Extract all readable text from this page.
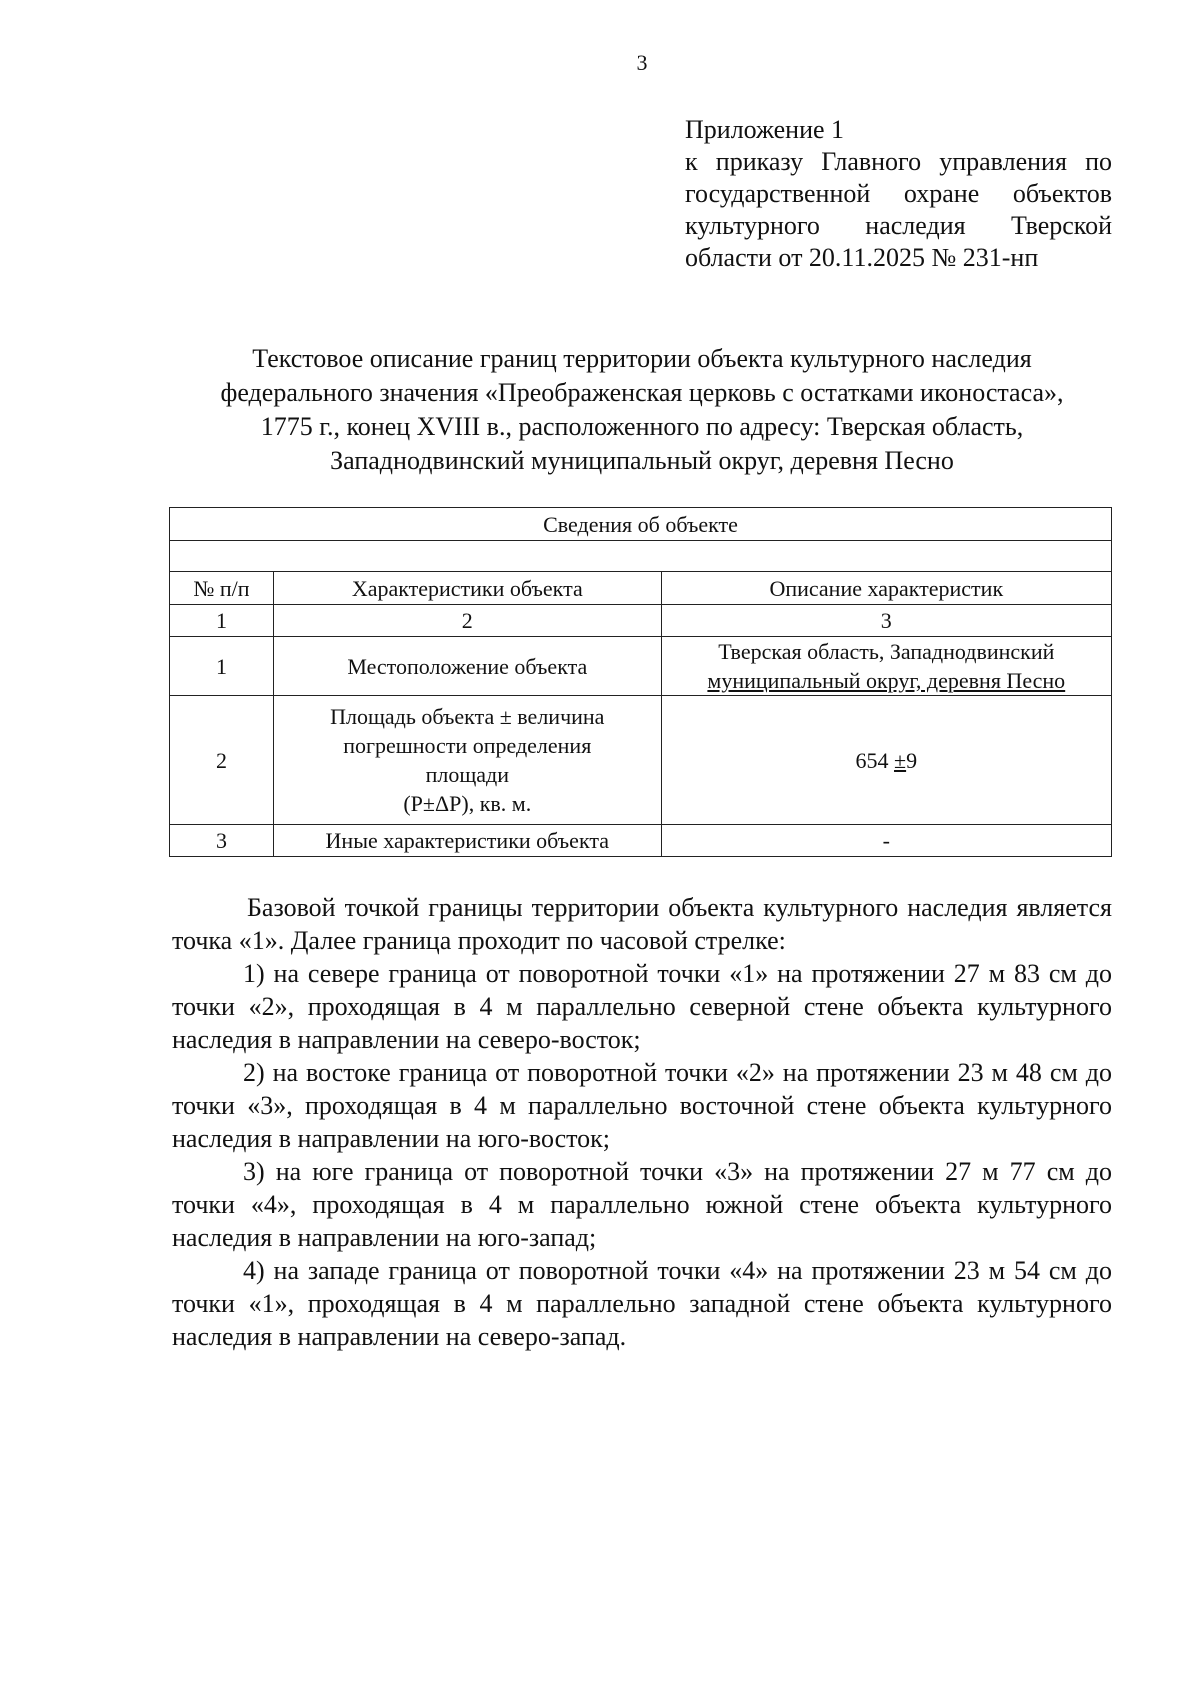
3
Приложение 1
к приказу Главного управления по
государственной охране объектов
культурного наследия Тверской
области от 20.11.2025 № 231-нп
Текстовое описание границ территории объекта культурного наследия
федерального значения «Преображенская церковь с остатками иконостаса»,
1775 г., конец XVIII в., расположенного по адресу: Тверская область,
Западнодвинский муниципальный округ, деревня Песно
Сведения об объекте		

№ п/п	Характеристики объекта	Описание характеристик
1	2	3
1	Местоположение объекта	Тверская область, Западнодвинский
муниципальный округ, деревня Песно
2	Площадь объекта ± величина
погрешности определения
площади
(P±ΔP), кв. м.	654 ±9
3	Иные характеристики объекта	-

Базовой точкой границы территории объекта культурного наследия является точка «1». Далее граница проходит по часовой стрелке:

1) на севере граница от поворотной точки «1» на протяжении 27 м 83 см до точки «2», проходящая в 4 м параллельно северной стене объекта культурного наследия в направлении на северо-восток;

2) на востоке граница от поворотной точки «2» на протяжении 23 м 48 см до точки «3», проходящая в 4 м параллельно восточной стене объекта культурного наследия в направлении на юго-восток;

3) на юге граница от поворотной точки «3» на протяжении 27 м 77 см до точки «4», проходящая в 4 м параллельно южной стене объекта культурного наследия в направлении на юго-запад;

4) на западе граница от поворотной точки «4» на протяжении 23 м 54 см до точки «1», проходящая в 4 м параллельно западной стене объекта культурного наследия в направлении на северо-запад.
